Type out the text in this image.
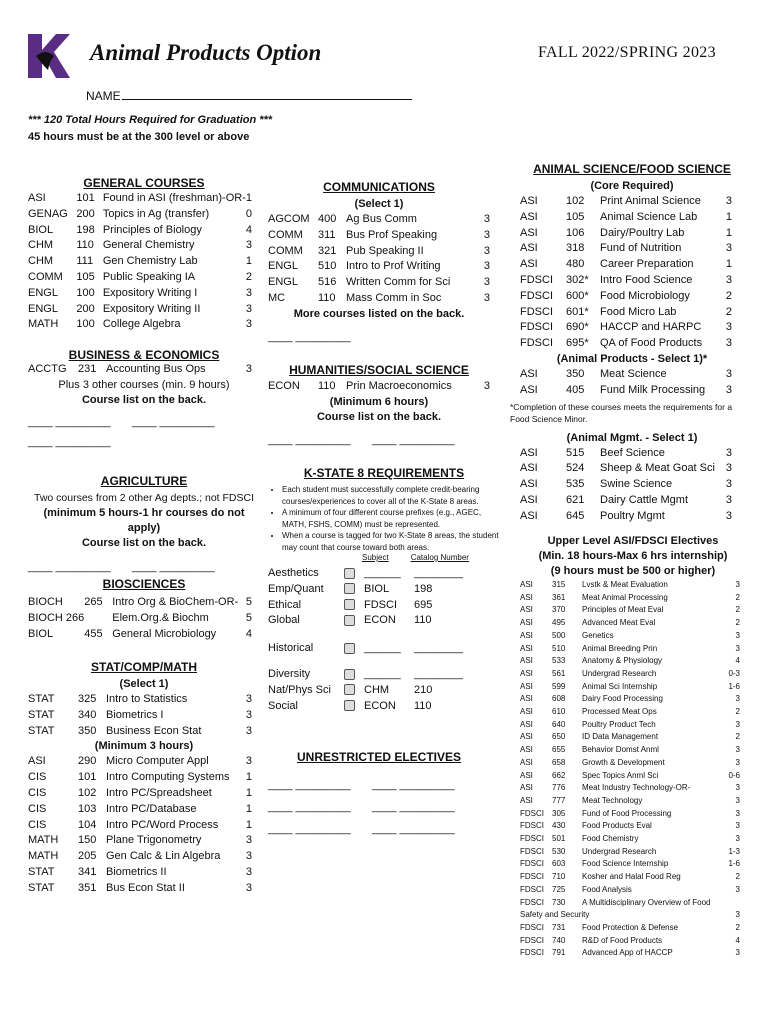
Animal Products Option	FALL 2022/SPRING 2023
NAME
*** 120 Total Hours Required for Graduation ***
45 hours must be at the 300 level or above
GENERAL COURSES
ASI	101	Found in ASI (freshman)-OR-	1
GENAG	200	Topics in Ag (transfer)	0
BIOL	198	Principles of Biology	4
CHM	110	General Chemistry	3
CHM	111	Gen Chemistry Lab	1
COMM	105	Public Speaking IA	2
ENGL	100	Expository Writing I	3
ENGL	200	Expository Writing II	3
MATH	100	College Algebra	3
BUSINESS & ECONOMICS
ACCTG	231	Accounting Bus Ops	3
Plus 3 other courses (min. 9 hours)
Course list on the back.
____ _________       ____ _________
____ _________
AGRICULTURE
Two courses from 2 other Ag depts.; not FDSCI
(minimum 5 hours-1 hr courses do not apply)
Course list on the back.
____ _________       ____ _________
BIOSCIENCES
BIOCH	265	Intro Org & BioChem-OR-	5
BIOCH 266		Elem.Org.& Biochm	5
BIOL	455	General Microbiology	4
STAT/COMP/MATH
(Select 1)
STAT	325	Intro to Statistics	3
STAT	340	Biometrics I	3
STAT	350	Business Econ Stat	3
(Minimum 3 hours)
ASI	290	Micro Computer Appl	3
CIS	101	Intro Computing Systems	1
CIS	102	Intro PC/Spreadsheet	1
CIS	103	Intro PC/Database	1
CIS	104	Intro PC/Word Process	1
MATH	150	Plane Trigonometry	3
MATH	205	Gen Calc & Lin Algebra	3
STAT	341	Biometrics II	3
STAT	351	Bus Econ Stat II	3
COMMUNICATIONS
(Select 1)
AGCOM	400	Ag Bus Comm	3
COMM	311	Bus Prof Speaking	3
COMM	321	Pub Speaking II	3
ENGL	510	Intro to Prof Writing	3
ENGL	516	Written Comm for Sci	3
MC	110	Mass Comm in Soc	3
More courses listed on the back.
____ _________
HUMANITIES/SOCIAL SCIENCE
ECON	110	Prin Macroeconomics	3
(Minimum 6 hours)
Course list on the back.
____ _________       ____ _________
K-STATE 8 REQUIREMENTS
• Each student must successfully complete credit-bearing courses/experiences to cover all of the K-State 8 areas.
• A minimum of four different course prefixes (e.g., AGEC, MATH, FSHS, COMM) must be represented.
• When a course is tagged for two K-State 8 areas, the student may count that course toward both areas.
Subject	Catalog Number
Aesthetics		______	________
Emp/Quant		BIOL	198
Ethical		FDSCI	695
Global		ECON	110
Historical		______	________
Diversity		______	________
Nat/Phys Sci		CHM	210
Social		ECON	110
UNRESTRICTED ELECTIVES
____ _________       ____ _________
____ _________       ____ _________
____ _________       ____ _________
ANIMAL SCIENCE/FOOD SCIENCE
(Core Required)
ASI	102	Print Animal Science	3
ASI	105	Animal Science Lab	1
ASI	106	Dairy/Poultry Lab	1
ASI	318	Fund of Nutrition	3
ASI	480	Career Preparation	1
FDSCI	302*	Intro Food Science	3
FDSCI	600*	Food Microbiology	2
FDSCI	601*	Food Micro Lab	2
FDSCI	690*	HACCP and HARPC	3
FDSCI	695*	QA of Food Products	3
(Animal Products - Select 1)*
ASI	350	Meat Science	3
ASI	405	Fund Milk Processing	3
*Completion of these courses meets the requirements for a Food Science Minor.
(Animal Mgmt. - Select 1)
ASI	515	Beef Science	3
ASI	524	Sheep & Meat Goat Sci	3
ASI	535	Swine Science	3
ASI	621	Dairy Cattle Mgmt	3
ASI	645	Poultry Mgmt	3
Upper Level ASI/FDSCI Electives
(Min. 18 hours-Max 6 hrs internship)
(9 hours must be 500 or higher)
ASI	315	Lvstk & Meat Evaluation	3
ASI	361	Meat Animal Processing	2
ASI	370	Principles of Meat Eval	2
ASI	495	Advanced Meat Eval	2
ASI	500	Genetics	3
ASI	510	Animal Breeding Prin	3
ASI	533	Anatomy & Physiology	4
ASI	561	Undergrad Research	0-3
ASI	599	Animal Sci Internship	1-6
ASI	608	Dairy Food Processing	3
ASI	610	Processed Meat Ops	2
ASI	640	Poultry Product Tech	3
ASI	650	ID Data Management	2
ASI	655	Behavior Domst Anml	3
ASI	658	Growth & Development	3
ASI	662	Spec Topics Anml Sci	0-6
ASI	776	Meat Industry Technology-OR-	3
ASI	777	Meat Technology	3
FDSCI	305	Fund of Food Processing	3
FDSCI	430	Food Products Eval	3
FDSCI	501	Food Chemistry	3
FDSCI	530	Undergrad Research	1-3
FDSCI	603	Food Science Internship	1-6
FDSCI	710	Kosher and Halal Food Reg	2
FDSCI	725	Food Analysis	3
FDSCI	730	A Multidisciplinary Overview of Food	
Safety and Security			3
FDSCI	731	Food Protection & Defense	2
FDSCI	740	R&D of Food Products	4
FDSCI	791	Advanced App of HACCP	3
